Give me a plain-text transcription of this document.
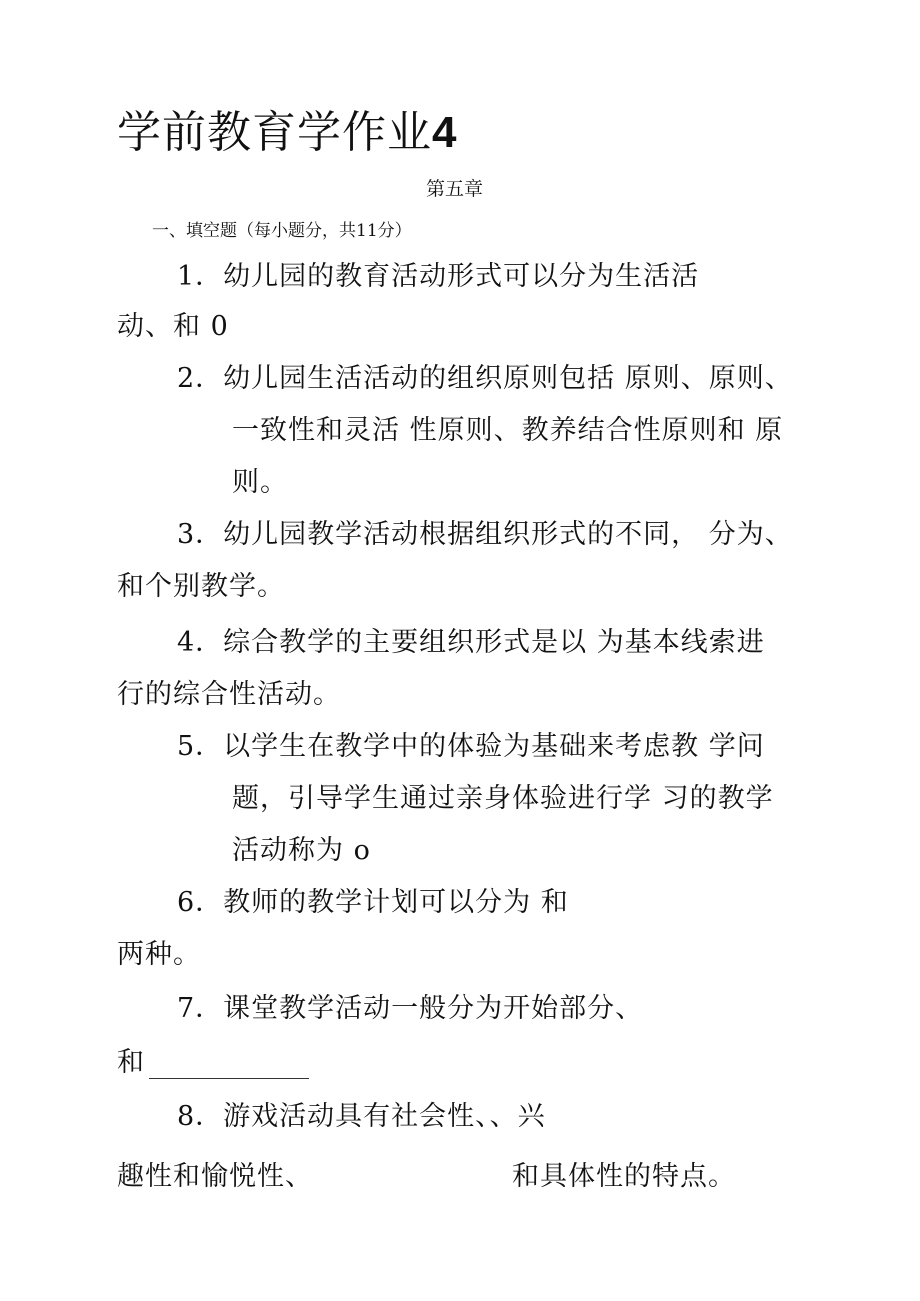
学前教育学作业4
第五章
一、填空题（每小题分，共11分）
1．幼儿园的教育活动形式可以分为生活活
动、和 0
2．幼儿园生活活动的组织原则包括 原则、原则、
一致性和灵活 性原则、教养结合性原则和 原
则。
3．幼儿园教学活动根据组织形式的不同， 分为、
和个别教学。
4．综合教学的主要组织形式是以 为基本线索进
行的综合性活动。
5．以学生在教学中的体验为基础来考虑教 学问
题，引导学生通过亲身体验进行学 习的教学
活动称为 o
6．教师的教学计划可以分为 和
两种。
7．课堂教学活动一般分为开始部分、
和
8．游戏活动具有社会性、、兴
趣性和愉悦性、	和具体性的特点。
